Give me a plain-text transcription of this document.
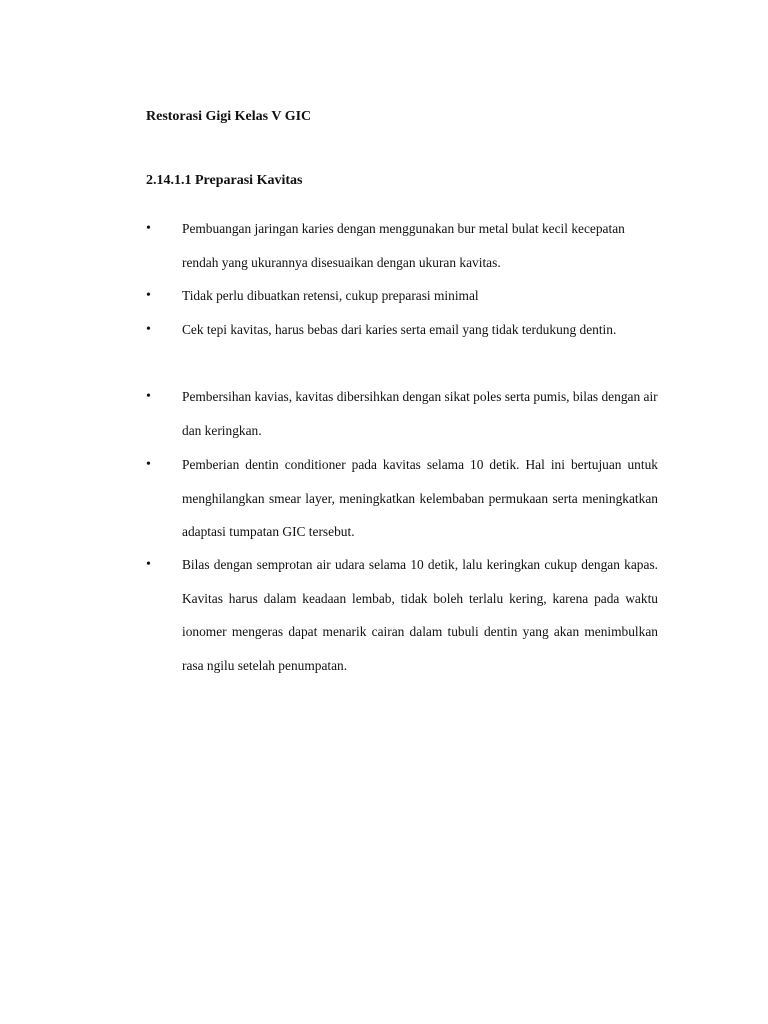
Restorasi Gigi Kelas V GIC
2.14.1.1 Preparasi Kavitas
• Pembuangan jaringan karies dengan menggunakan bur metal bulat kecil kecepatan rendah yang ukurannya disesuaikan dengan ukuran kavitas.

• Tidak perlu dibuatkan retensi, cukup preparasi minimal

• Cek tepi kavitas, harus bebas dari karies serta email yang tidak terdukung dentin.

• Pembersihan kavias, kavitas dibersihkan dengan sikat poles serta pumis, bilas dengan air dan keringkan.

• Pemberian dentin conditioner pada kavitas selama 10 detik. Hal ini bertujuan untuk menghilangkan smear layer, meningkatkan kelembaban permukaan serta meningkatkan adaptasi tumpatan GIC tersebut.

• Bilas dengan semprotan air udara selama 10 detik, lalu keringkan cukup dengan kapas. Kavitas harus dalam keadaan lembab, tidak boleh terlalu kering, karena pada waktu ionomer mengeras dapat menarik cairan dalam tubuli dentin yang akan menimbulkan rasa ngilu setelah penumpatan.
